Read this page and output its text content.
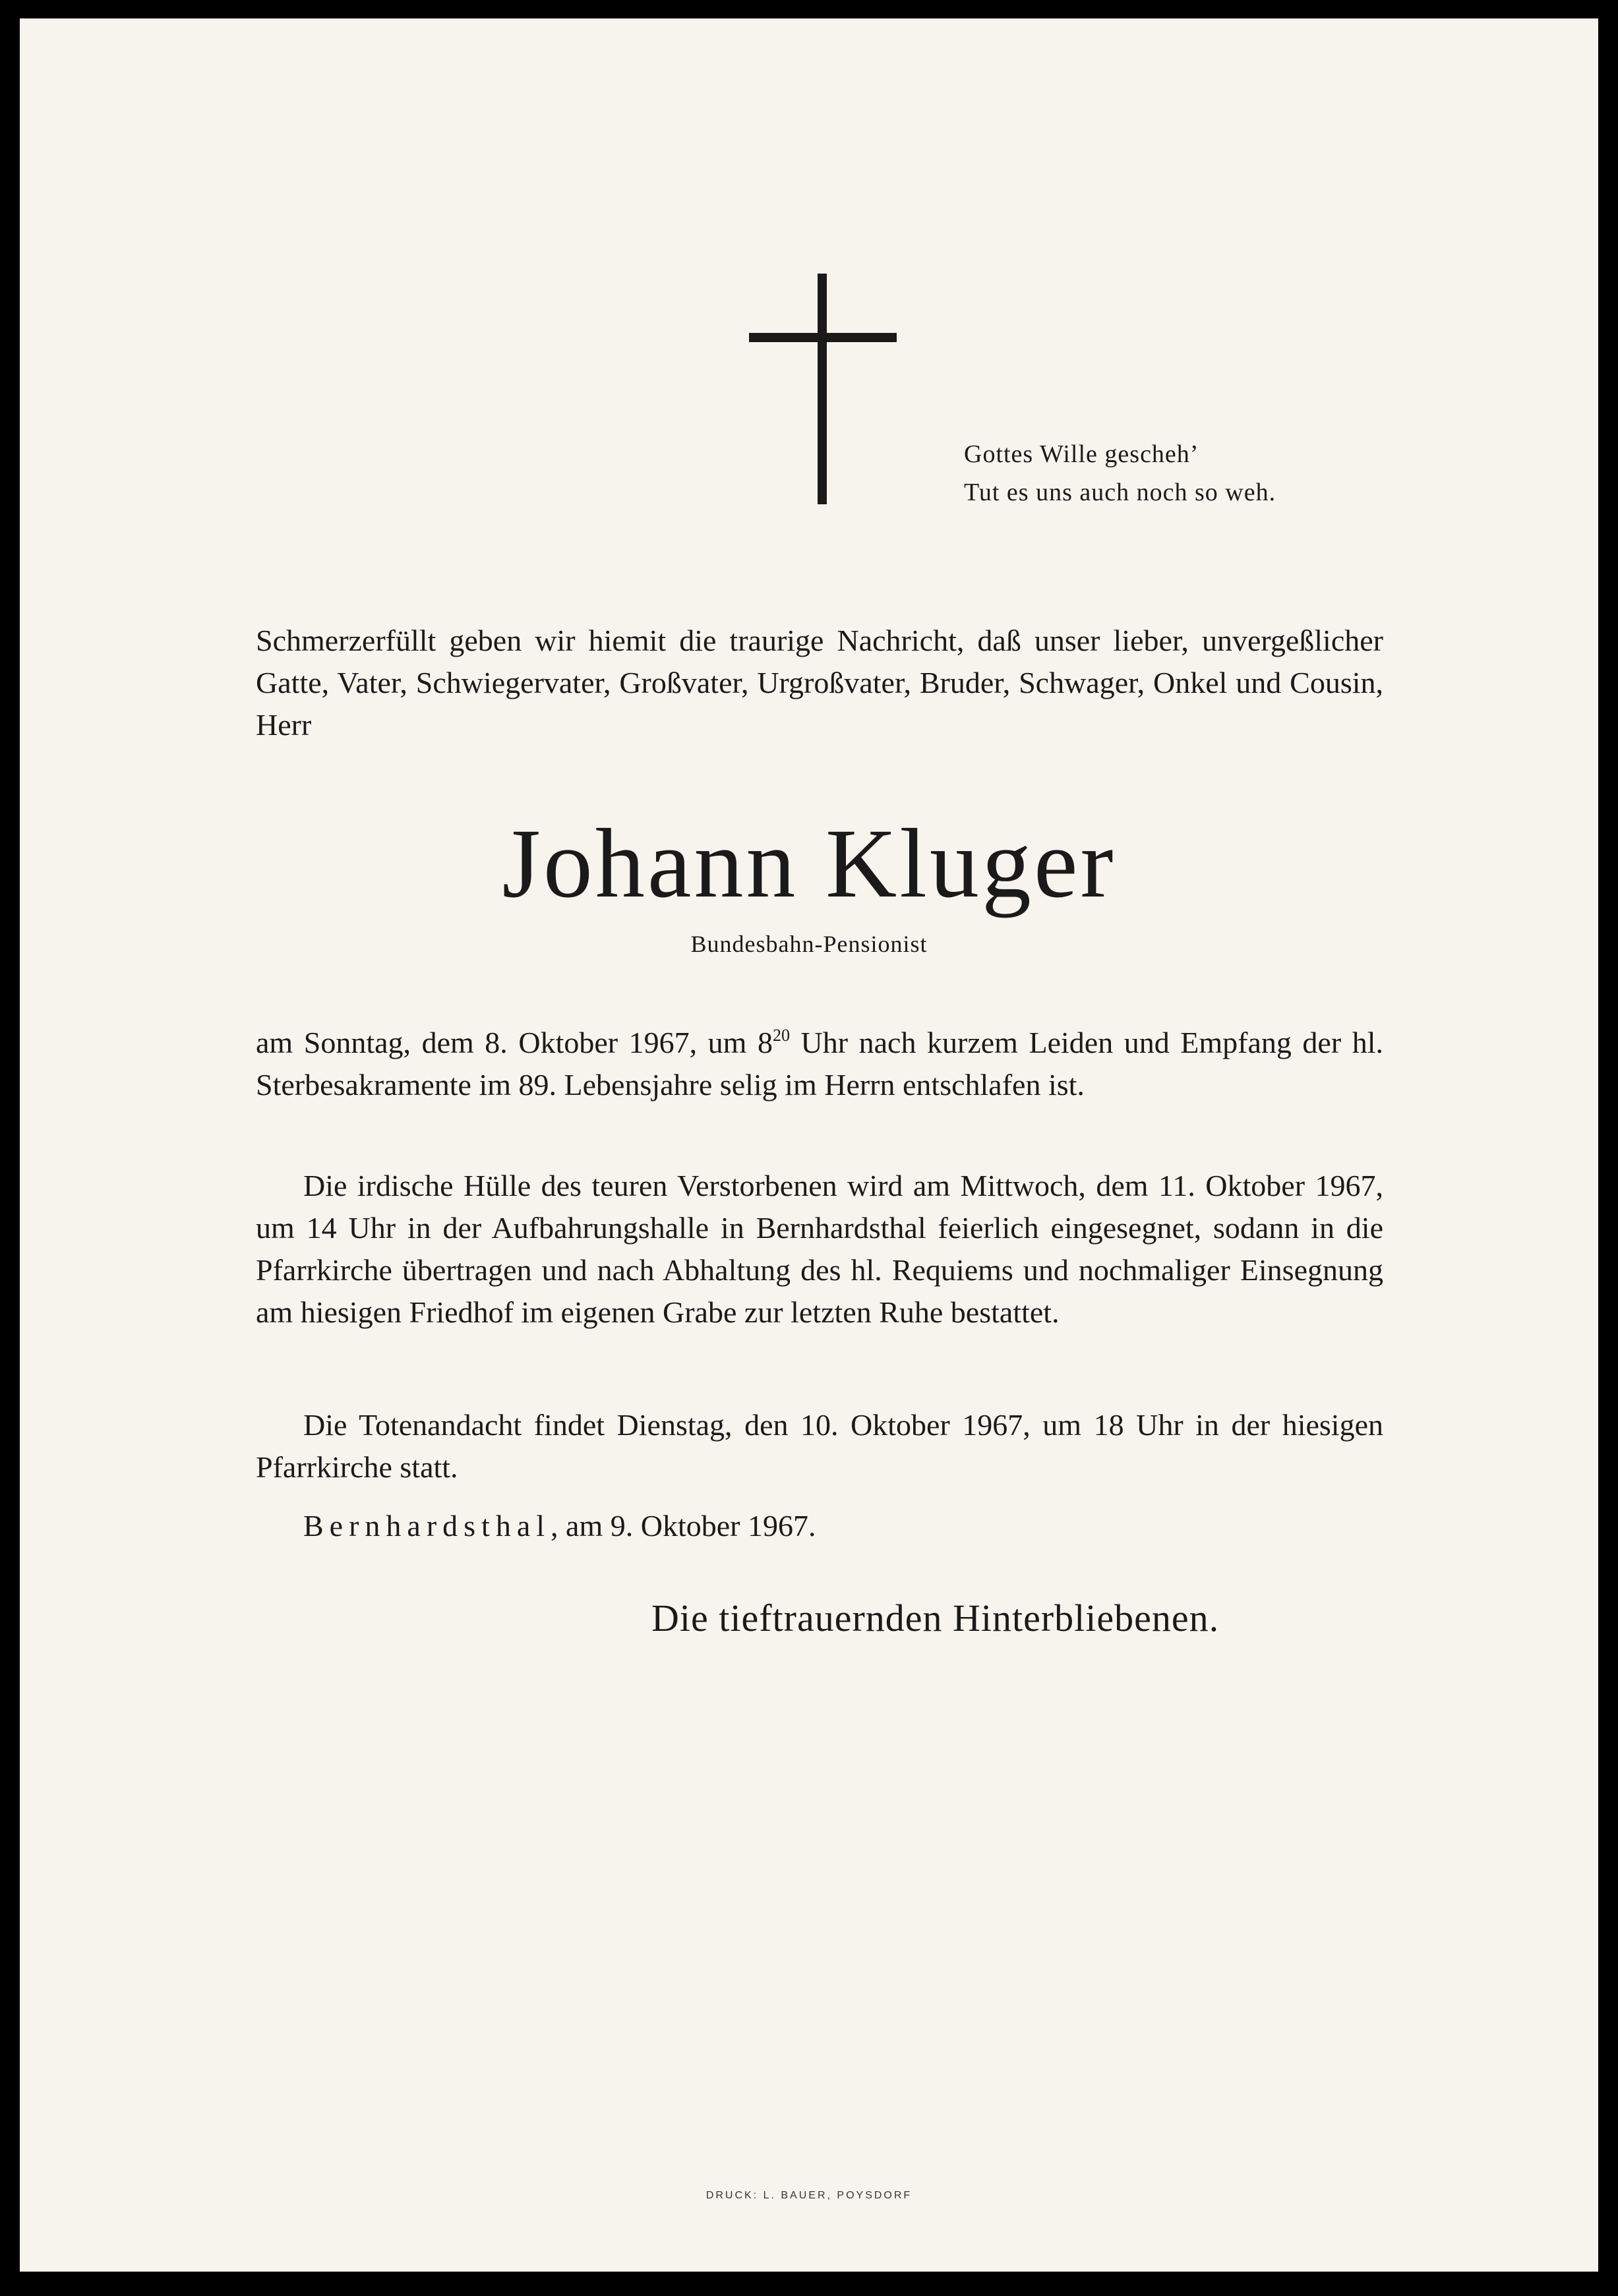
Gottes Wille gescheh’
Tut es uns auch noch so weh.
Schmerzerfüllt geben wir hiemit die traurige Nachricht, daß unser lieber, unvergeßlicher Gatte, Vater, Schwiegervater, Großvater, Urgroßvater, Bruder, Schwager, Onkel und Cousin, Herr
Johann Kluger
Bundesbahn-Pensionist
am Sonntag, dem 8. Oktober 1967, um $8^{20}$ Uhr nach kurzem Leiden und Empfang der hl. Sterbesakramente im 89. Lebensjahre selig im Herrn entschlafen ist.
Die irdische Hülle des teuren Verstorbenen wird am Mittwoch, dem 11. Oktober 1967, um 14 Uhr in der Aufbahrungshalle in Bernhardsthal feierlich eingesegnet, sodann in die Pfarrkirche übertragen und nach Abhaltung des hl. Requiems und nochmaliger Einsegnung am hiesigen Friedhof im eigenen Grabe zur letzten Ruhe bestattet.
Die Totenandacht findet Dienstag, den 10. Oktober 1967, um 18 Uhr in der hiesigen Pfarrkirche statt.
Bernhardsthal, am 9. Oktober 1967.
Die tieftrauernden Hinterbliebenen.
DRUCK: L. BAUER, POYSDORF
